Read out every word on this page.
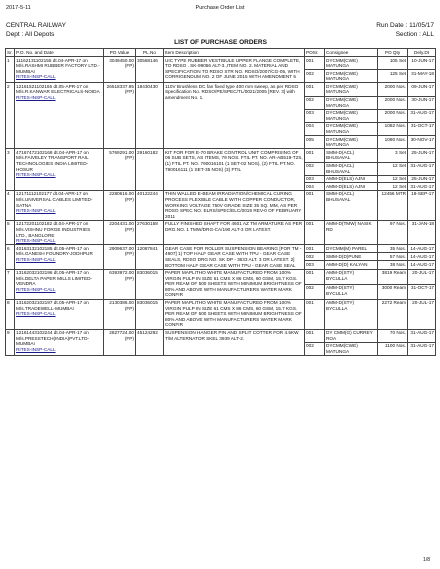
2017-5-11	Purchase Order List
CENTRAL RAILWAY
Dept : All Depots
Run Date : 11/05/17
Section : ALL
LIST OF PURCHASE ORDERS								
Sr.	P.O. No. and Date	PO Value	PL.No	Item Description	POSr.	Consignee	PO Qty	Dely.Dt
1	11162131102155 dt.04-APR-17 on M/s.RASHMI RUBBER FACTORY LTD.-MUMBAI
RITES-INSP-CALL	3049450.00 (FP)	30568146	UIC TYPE RUBBER VESTIBULE UPPER FLANGE COMPLETE, TO RDSO . SK-99056 ALT-3.,ITEM NO. 2. MATERIAL AND SPECIFICATION TO RDSO STR NO. RDSO/2007/CG-05, WITH CORRIGENDUM NO. 2 OF JUNE 2015 WITH AMENDMENT 5	001	DYCMM(CWE) MATUNGA	105 Set	10-JUN-17
					002	DYCMM(CWE) MATUNGA	125 Set	31-MAY-18
2	12161521102165 dt.05-APR-17 on M/s.R.KANWAR ELECTRICALS-NOIDA
RITES-INSP-CALL	26518337.95 (FP)	18430430	110V Brushless DC fan fixed type 400 mm sweep, as per RDSO Specification No. RDSO/PE/SPEC/TL/0021/2005 [REV. 3] with amendment No. 1.	001	DYCMM(CWE) MATUNGA	2000 Nos.	09-JUN-17
					002	DYCMM(CWE) MATUNGA	2000 Nos.	30-JUN-17
					003	DYCMM(CWE) MATUNGA	2000 Nos.	31-AUG-17
					004	DYCMM(CWE) MATUNGA	1082 Nos.	31-OCT-17
					005	DYCMM(CWE) MATUNGA	1080 Nos.	30-NOV-17
3	47167472102168 dt.04-APR-17 on M/s.FAIVELEY TRANSPORT RAIL TECHNOLOGIES INDIA LIMITED-HOSUR
RITES-INSP-CALL	5769291.00 (FP)	29160182	KIT FOR FOR E-70 BRAKE CONTROL UNIT COMPRISING OF 06 SUB SETS, AS ITEMS, 79 NOS. FTIL PT. NO. AR-AB519-T2S, (1) FTIL PT. NO. 790016101 (1 SET-02 NOS), (2) FTIL PT.NO. 790016111 (1 SET-35 NOS) (3) FTIL	001	SMM-D(ACL) BHUSAVAL	3 Set	25-JUN-17
					002	SMM-D(ACL) BHUSAVAL	12 Set	31-AUG-17
					003	AMM-D(ELS) AJNI	12 Set	25-JUN-17
					004	AMM-D(ELS) AJNI	12 Set	31-AUG-17
4	12171112102177 dt.04-APR-17 on M/s.UNIVERSAL CABLES LIMITED-SATNA
RITES-INSP-CALL	2280616.00 (FP)	40122244	THIN WALLED E-BEAM IRRADIATION/CHEMICAL CURING PROCESS FLEXIBLE CABLE WITH COPPER CONDUCTOR, WORKING VOLTAGE 750V GRADE SIZE 35 SQ. MM, AS PER RDSO SPEC NO. ELRS/SPEC/ELC/0019 REV-0 OF FEBRUARY 2011	001	SMM-D(ACL) BHUSAVAL	12456 MTR	18-SEP-17
5	12172201102182 dt.04-APR-17 on M/s.VISHNU FORGE INDUSTRIES LTD., BANGLORE
RITES-INSP-CALL	2204431.00 (FP)	27630158	FULLY FINISHED SHAFT FOR 4601 AZ TM ARMATURE AS PER DRG.NO. 1 TMW/DRG-CA/190 ALT-3 OR LATEST.	001	AMM-D(TMW) NASIK RD	97 Nos.	31-JAN-18
6	40163132102185 dt.05-APR-17 on M/s.GANESH FOUNDRY-JODHPUR
RITES-INSP-CALL	2909637.00 (FP)	12087841	GEAR CASE FOR ROLLER SUSPENSION BEARING [FOR TM - 4907] 1) TOP HALF GEAR CASE WITH TPU - GEAR CASE SEALS, RDSO DRG NO. SK DP - 3633 ALT. 3 OR LATEST. 2] BOTTOM HALF GEAR CASE WITH TPU - GEAR CASE SEAL	001	DYCMM(M) PAREL	35 Nos.	14-AUG-17
					002	SMM-D(D)PUNE	57 Nos.	14-AUG-17
					003	AMM-D(D) KALYAN	38 Nos.	14-AUG-17
7	13162032102196 dt.05-APR-17 on M/s.DELTA PAPER MILLS LIMITED-VENDRA
RITES-INSP-CALL	6393972.00 (FP)	83036015	PAPER MAPLITHO WHITE MANUFACTURED FROM 100% VIRGIN PULP IN SIZE 61 CMS X 86 CMS, 60 GSM, 15.7 KGS. PER REAM OF 500 SHEETS WITH MINIMUM BRIGHTNESS OF 80% AND ABOVE WITH MANUFACTURERS WATER MARK CONFIR	001	AMM-D(STY) BYCULLA	3819 Ream	20-JUL-17
					002	AMM-D(STY) BYCULLA	3000 Ream	31-OCT-17
8	13162032102197 dt.05-APR-17 on M/s.TRADEWELL-MUMBAI
RITES-INSP-CALL	2130386.00 (FP)	83036015	PAPER MAPLITHO WHITE MANUFACTURED FROM 100% VIRGIN PULP IN SIZE 61 CMS X 86 CMS, 60 GSM, 15.7 KGS. PER REAM OF 500 SHEETS WITH MINIMUM BRIGHTNESS OF 80% AND ABOVE WITH MANUFACTURERS WATER MARK CONFIR	001	AMM-D(STY) BYCULLA	2272 Ream	20-JUL-17
9	12161443102244 dt.04-APR-17 on M/s.PRESSTECH(INDIA)PVT.LTD-MUMBAI
RITES-INSP-CALL	2827724.00 (FP)	45124292	SUSPENSION HANGER PIN AND SPLIT COTTER FOR 4.5KW T/M ALTERNATOR SKEL 3939 ALT-2.	001	DY CMM(G) CURREY ROA	70 Nos.	31-AUG-17
					002	DYCMM(CWE) MATUNGA	1100 Nos.	31-AUG-17
1/8
